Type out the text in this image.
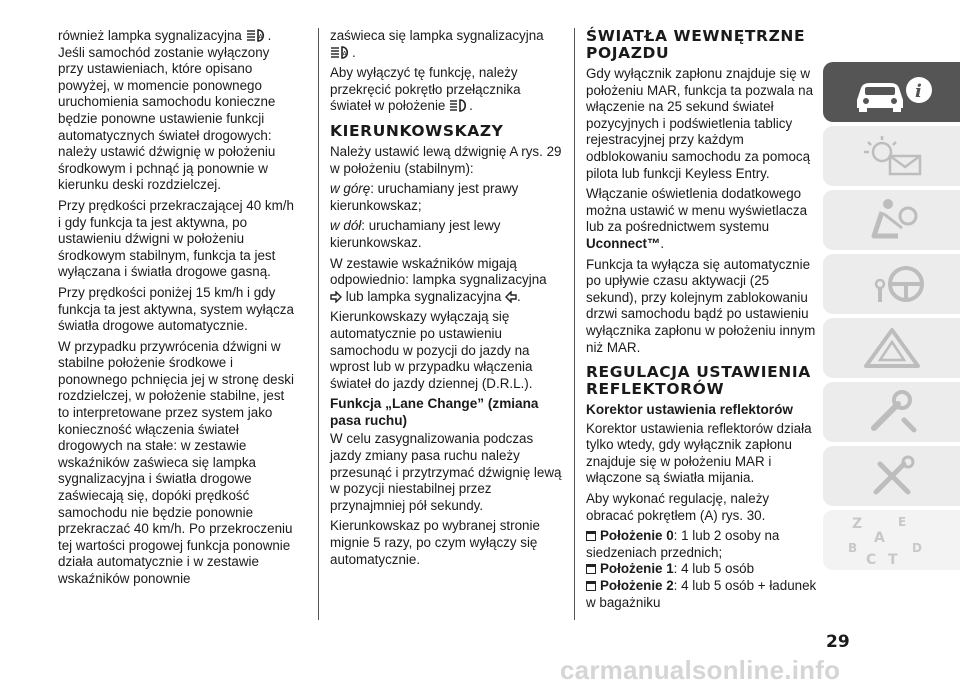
również lampka sygnalizacyjna	A . Jeśli samochód zostanie wyłączony przy ustawieniach, które opisano powyżej, w momencie ponownego uruchomienia samochodu konieczne będzie ponowne ustawienie funkcji automatycznych świateł drogowych: należy ustawić dźwignię w położeniu środkowym i pchnąć ją ponownie w kierunku deski rozdzielczej.

Przy prędkości przekraczającej 40 km/h i gdy funkcja ta jest aktywna, po ustawieniu dźwigni w położeniu środkowym stabilnym, funkcja ta jest wyłączana i światła drogowe gasną.

Przy prędkości poniżej 15 km/h i gdy funkcja ta jest aktywna, system wyłącza światła drogowe automatycznie.

W przypadku przywrócenia dźwigni w stabilne położenie środkowe i ponownego pchnięcia jej w stronę deski rozdzielczej, w położenie stabilne, jest to interpretowane przez system jako konieczność włączenia świateł drogowych na stałe: w zestawie wskaźników zaświeca się lampka sygnalizacyjna i światła drogowe zaświecają się, dopóki prędkość samochodu nie będzie ponownie przekraczać 40 km/h. Po przekroczeniu tej wartości progowej funkcja ponownie działa automatycznie i w zestawie wskaźników ponownie

zaświeca się lampka sygnalizacyjna

A .

Aby wyłączyć tę funkcję, należy przekręcić pokrętło przełącznika świateł w położenie .

KIERUNKOWSKAZY

Należy ustawić lewą dźwignię A rys. 29 w położeniu (stabilnym):

w górę: uruchamiany jest prawy kierunkowskaz;

w dół: uruchamiany jest lewy kierunkowskaz.

W zestawie wskaźników migają odpowiednio: lampka sygnalizacyjna  lub lampka sygnalizacyjna .

Kierunkowskazy wyłączają się automatycznie po ustawieniu samochodu w pozycji do jazdy na wprost lub w przypadku włączenia świateł do jazdy dziennej (D.R.L.).

Funkcja „Lane Change” (zmiana pasa ruchu)

W celu zasygnalizowania podczas jazdy zmiany pasa ruchu należy przesunąć i przytrzymać dźwignię lewą w pozycji niestabilnej przez przynajmniej pół sekundy.

Kierunkowskaz po wybranej stronie mignie 5 razy, po czym wyłączy się automatycznie.

ŚWIATŁA WEWNĘTRZNE POJAZDU

Gdy wyłącznik zapłonu znajduje się w położeniu MAR, funkcja ta pozwala na włączenie na 25 sekund świateł pozycyjnych i podświetlenia tablicy rejestracyjnej przy każdym odblokowaniu samochodu za pomocą pilota lub funkcji Keyless Entry.

Włączanie oświetlenia dodatkowego można ustawić w menu wyświetlacza lub za pośrednictwem systemu Uconnect™.

Funkcja ta wyłącza się automatycznie po upływie czasu aktywacji (25 sekund), przy kolejnym zablokowaniu drzwi samochodu bądź po ustawieniu wyłącznika zapłonu w położeniu innym niż MAR.

REGULACJA USTAWIENIA REFLEKTORÓW
Korektor ustawienia reflektorów

Korektor ustawienia reflektorów działa tylko wtedy, gdy wyłącznik zapłonu znajduje się w położeniu MAR i włączone są światła mijania.

Aby wykonać regulację, należy obracać pokrętłem (A) rys. 30.

Położenie 0: 1 lub 2 osoby na siedzeniach przednich;

Położenie 1: 4 lub 5 osób

Położenie 2: 4 lub 5 osób + ładunek w bagażniku

i
Z	E
A
B
C T
D
29
carmanualsonline.info
